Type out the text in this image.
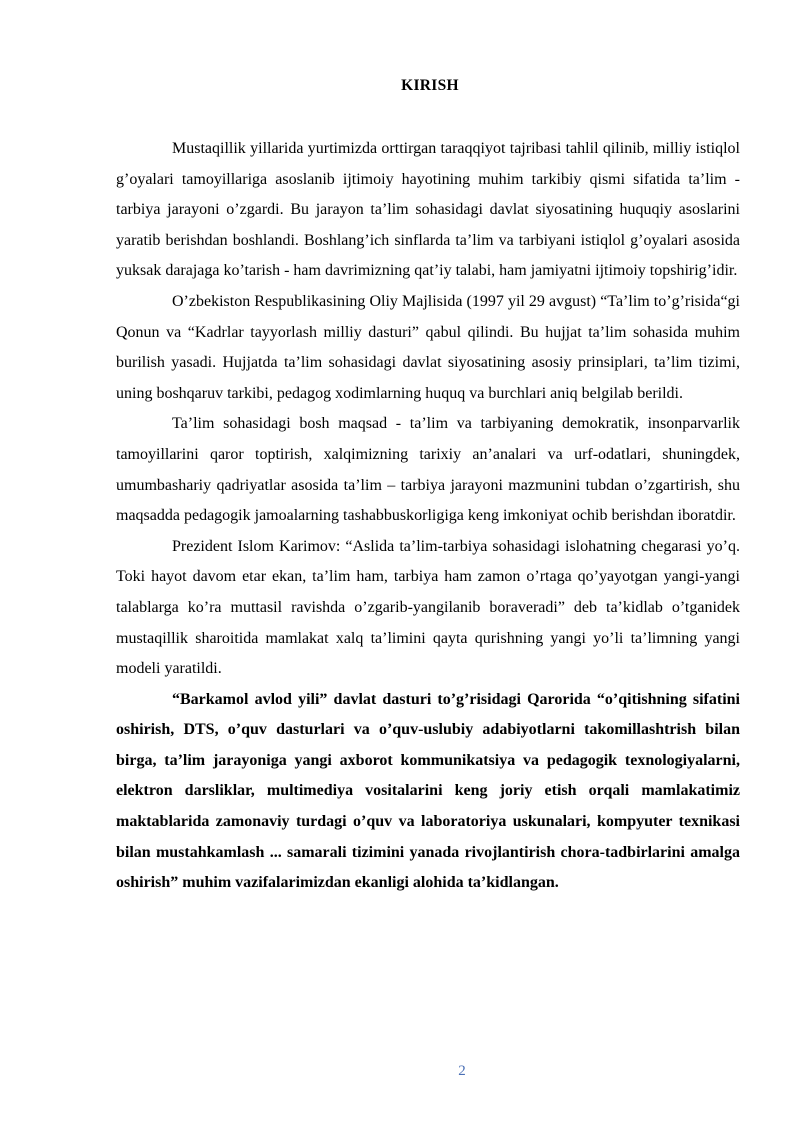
KIRISH

Mustaqillik yillarida yurtimizda orttirgan taraqqiyot tajribasi tahlil qilinib, milliy istiqlol g’oyalari tamoyillariga asoslanib ijtimoiy hayotining muhim tarkibiy qismi sifatida ta’lim - tarbiya jarayoni o’zgardi. Bu jarayon ta’lim sohasidagi davlat siyosatining huquqiy asoslarini yaratib berishdan boshlandi. Boshlang’ich sinflarda ta’lim va tarbiyani istiqlol g’oyalari asosida yuksak darajaga ko’tarish - ham davrimizning qat’iy talabi, ham jamiyatni ijtimoiy topshirig’idir.

O’zbekiston Respublikasining Oliy Majlisida (1997 yil 29 avgust) “Ta’lim to’g’risida“gi Qonun va “Kadrlar tayyorlash milliy dasturi” qabul qilindi. Bu hujjat ta’lim sohasida muhim burilish yasadi. Hujjatda ta’lim sohasidagi davlat siyosatining asosiy prinsiplari, ta’lim tizimi, uning boshqaruv tarkibi, pedagog xodimlarning huquq va burchlari aniq belgilab berildi.

Ta’lim sohasidagi bosh maqsad - ta’lim va tarbiyaning demokratik, insonparvarlik tamoyillarini qaror toptirish, xalqimizning tarixiy an’analari va urf-odatlari, shuningdek, umumbashariy qadriyatlar asosida ta’lim – tarbiya jarayoni mazmunini tubdan o’zgartirish, shu maqsadda pedagogik jamoalarning tashabbuskorligiga keng imkoniyat ochib berishdan iboratdir.

Prezident Islom Karimov: “Aslida ta’lim-tarbiya sohasidagi islohatning chegarasi yo’q. Toki hayot davom etar ekan, ta’lim ham, tarbiya ham zamon o’rtaga qo’yayotgan yangi-yangi talablarga ko’ra muttasil ravishda o’zgarib-yangilanib boraveradi” deb ta’kidlab o’tganidek mustaqillik sharoitida mamlakat xalq ta’limini qayta qurishning yangi yo’li ta’limning yangi modeli yaratildi.

“Barkamol avlod yili” davlat dasturi to’g’risidagi Qarorida “o’qitishning sifatini oshirish, DTS, o’quv dasturlari va o’quv-uslubiy adabiyotlarni takomillashtrish bilan birga, ta’lim jarayoniga yangi axborot kommunikatsiya va pedagogik texnologiyalarni, elektron darsliklar, multimediya vositalarini keng joriy etish orqali mamlakatimiz maktablarida zamonaviy turdagi o’quv va laboratoriya uskunalari, kompyuter texnikasi bilan mustahkamlash ... samarali tizimini yanada rivojlantirish chora-tadbirlarini amalga oshirish” muhim vazifalarimizdan ekanligi alohida ta’kidlangan.

2
